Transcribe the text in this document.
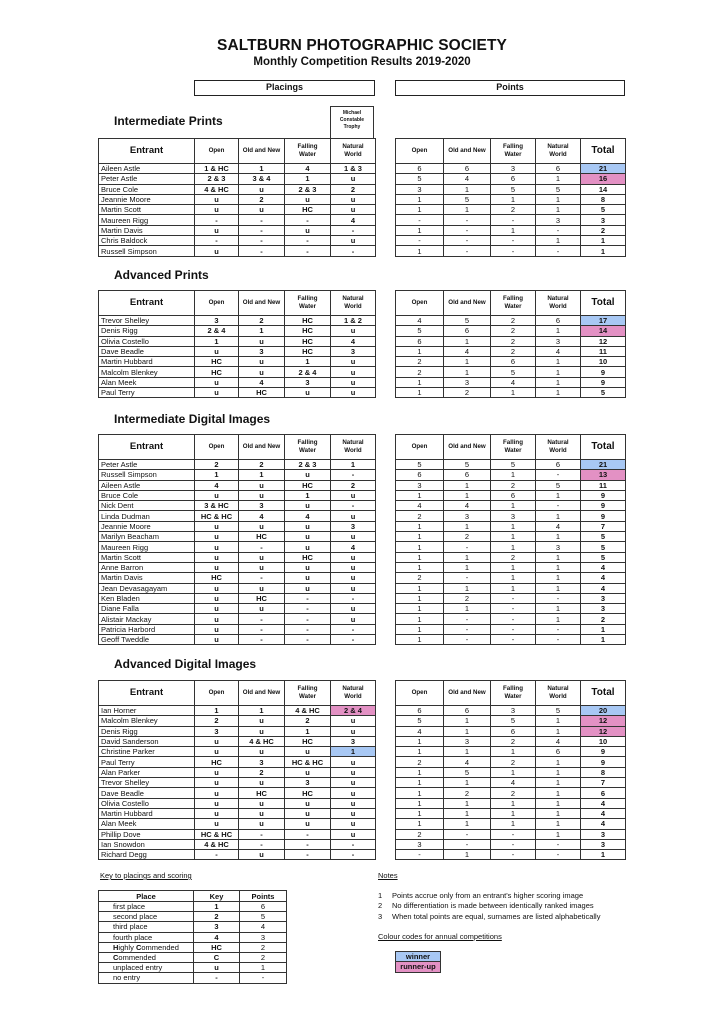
SALTBURN PHOTOGRAPHIC SOCIETY
Monthly Competition Results 2019-2020
Placings	Points
Michael
Constable
Trophy
Intermediate Prints
Entrant	Open	Old and New	Falling
Water	Natural
World
Aileen Astle	1 & HC	1	4	1 & 3
Peter Astle	2 & 3	3 & 4	1	u
Bruce Cole	4 & HC	u	2 & 3	2
Jeannie Moore	u	2	u	u
Martin Scott	u	u	HC	u
Maureen Rigg	-	-	-	4
Martin Davis	u	-	u	-
Chris Baldock	-	-	-	u
Russell Simpson	u	-	-	-
Open	Old and New	Falling
Water	Natural
World	Total
6	6	3	6	21
5	4	6	1	16
3	1	5	5	14
1	5	1	1	8
1	1	2	1	5
-	-	-	3	3
1	-	1	-	2
-	-	-	1	1
1	-	-	-	1
Advanced Prints
Entrant	Open	Old and New	Falling
Water	Natural
World
Trevor Shelley	3	2	HC	1 & 2
Denis Rigg	2 & 4	1	HC	u
Olivia Costello	1	u	HC	4
Dave Beadle	u	3	HC	3
Martin Hubbard	HC	u	1	u
Malcolm Blenkey	HC	u	2 & 4	u
Alan Meek	u	4	3	u
Paul Terry	u	HC	u	u
Open	Old and New	Falling
Water	Natural
World	Total
4	5	2	6	17
5	6	2	1	14
6	1	2	3	12
1	4	2	4	11
2	1	6	1	10
2	1	5	1	9
1	3	4	1	9
1	2	1	1	5
Intermediate Digital Images
Entrant	Open	Old and New	Falling
Water	Natural
World
Peter Astle	2	2	2 & 3	1
Russell Simpson	1	1	u	-
Aileen Astle	4	u	HC	2
Bruce Cole	u	u	1	u
Nick Dent	3 & HC	3	u	-
Linda Dudman	HC & HC	4	4	u
Jeannie Moore	u	u	u	3
Marilyn Beacham	u	HC	u	u
Maureen Rigg	u	-	u	4
Martin Scott	u	u	HC	u
Anne Barron	u	u	u	u
Martin Davis	HC	-	u	u
Jean Devasagayam	u	u	u	u
Ken Bladen	u	HC	-	-
Diane Falla	u	u	-	u
Alistair Mackay	u	-	-	u
Patricia Harbord	u	-	-	-
Geoff Tweddle	u	-	-	-
Open	Old and New	Falling
Water	Natural
World	Total
5	5	5	6	21
6	6	1	-	13
3	1	2	5	11
1	1	6	1	9
4	4	1	-	9
2	3	3	1	9
1	1	1	4	7
1	2	1	1	5
1	-	1	3	5
1	1	2	1	5
1	1	1	1	4
2	-	1	1	4
1	1	1	1	4
1	2	-	-	3
1	1	-	1	3
1	-	-	1	2
1	-	-	-	1
1	-	-	-	1
Advanced Digital Images
Entrant	Open	Old and New	Falling
Water	Natural
World
Ian Horner	1	1	4 & HC	2 & 4
Malcolm Blenkey	2	u	2	u
Denis Rigg	3	u	1	u
David Sanderson	u	4 & HC	HC	3
Christine Parker	u	u	u	1
Paul Terry	HC	3	HC & HC	u
Alan Parker	u	2	u	u
Trevor Shelley	u	u	3	u
Dave Beadle	u	HC	HC	u
Olivia Costello	u	u	u	u
Martin Hubbard	u	u	u	u
Alan Meek	u	u	u	u
Phillip Dove	HC & HC	-	-	u
Ian Snowdon	4 & HC	-	-	-
Richard Degg	-	u	-	-
Open	Old and New	Falling
Water	Natural
World	Total
6	6	3	5	20
5	1	5	1	12
4	1	6	1	12
1	3	2	4	10
1	1	1	6	9
2	4	2	1	9
1	5	1	1	8
1	1	4	1	7
1	2	2	1	6
1	1	1	1	4
1	1	1	1	4
1	1	1	1	4
2	-	-	1	3
3	-	-	-	3
-	1	-	-	1
Key to placings and scoring
Place	Key	Points
first place	1	6
second place	2	5
third place	3	4
fourth place	4	3
Highly Commended	HC	2
Commended	C	2
unplaced entry	u	1
no entry	-	-
Notes
1 Points accrue only from an entrant's higher scoring image
2 No differentiation is made between identically ranked images
3 When total points are equal, surnames are listed alphabetically
Colour codes for annual competitions
winner
runner-up
